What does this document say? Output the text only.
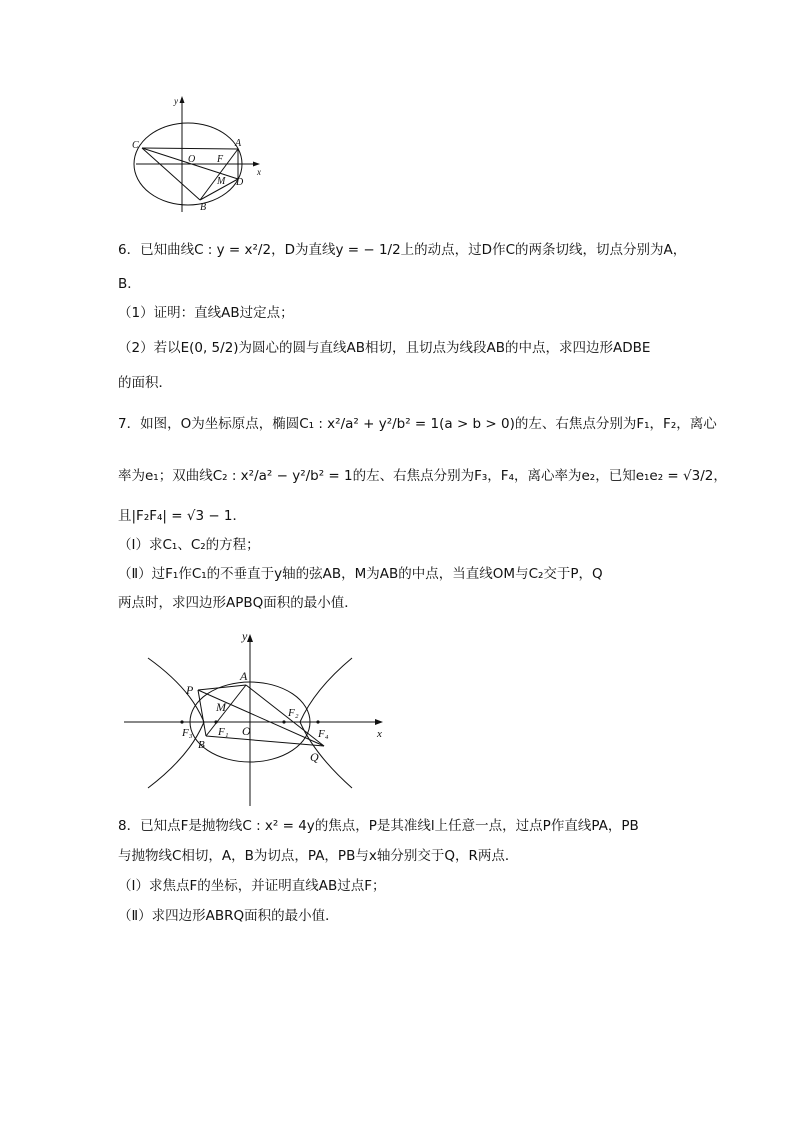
C
O F
A
M D
B
x
y
6．已知曲线C : y = x²/2，D为直线y = − 1/2上的动点，过D作C的两条切线，切点分别为A，
B．
（1）证明：直线AB过定点；
（2）若以E(0, 5/2)为圆心的圆与直线AB相切，且切点为线段AB的中点，求四边形ADBE
的面积．
7．如图，O为坐标原点，椭圆C₁ : x²/a² + y²/b² = 1(a > b > 0)的左、右焦点分别为F₁，F₂，离心
率为e₁；双曲线C₂ : x²/a² − y²/b² = 1的左、右焦点分别为F₃，F₄，离心率为e₂，已知e₁e₂ = √3/2，
且|F₂F₄| = √3 − 1．
（Ⅰ）求C₁、C₂的方程；
（Ⅱ）过F₁作C₁的不垂直于y轴的弦AB，M为AB的中点，当直线OM与C₂交于P，Q
两点时，求四边形APBQ面积的最小值．
A
P
M
O
F₂
F₃ F₁
B
F₄
Q
x
y
8．已知点F是抛物线C : x² = 4y的焦点，P是其准线l上任意一点，过点P作直线PA，PB
与抛物线C相切，A，B为切点，PA，PB与x轴分别交于Q，R两点．
（Ⅰ）求焦点F的坐标，并证明直线AB过点F；
（Ⅱ）求四边形ABRQ面积的最小值．
